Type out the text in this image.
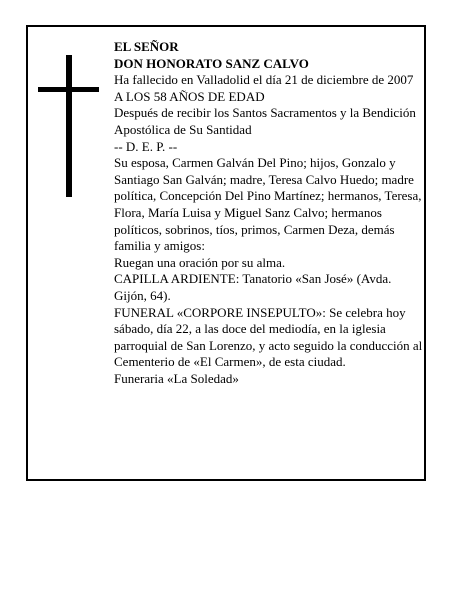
EL SEÑOR

DON HONORATO SANZ CALVO

Ha fallecido en Valladolid el día 21 de diciembre de 2007

A LOS 58 AÑOS DE EDAD

Después de recibir los Santos Sacramentos y la Bendición Apostólica de Su Santidad

-- D. E. P. --

Su esposa, Carmen Galván Del Pino; hijos, Gonzalo y Santiago San Galván; madre, Teresa Calvo Huedo; madre política, Concepción Del Pino Martínez; hermanos, Teresa, Flora, María Luisa y Miguel Sanz Calvo; hermanos políticos, sobrinos, tíos, primos, Carmen Deza, demás familia y amigos:

Ruegan una oración por su alma.

CAPILLA ARDIENTE: Tanatorio «San José» (Avda. Gijón, 64).

FUNERAL «CORPORE INSEPULTO»: Se celebra hoy sábado, día 22, a las doce del mediodía, en la iglesia parroquial de San Lorenzo, y acto seguido la conducción al Cementerio de «El Carmen», de esta ciudad.

Funeraria «La Soledad»
